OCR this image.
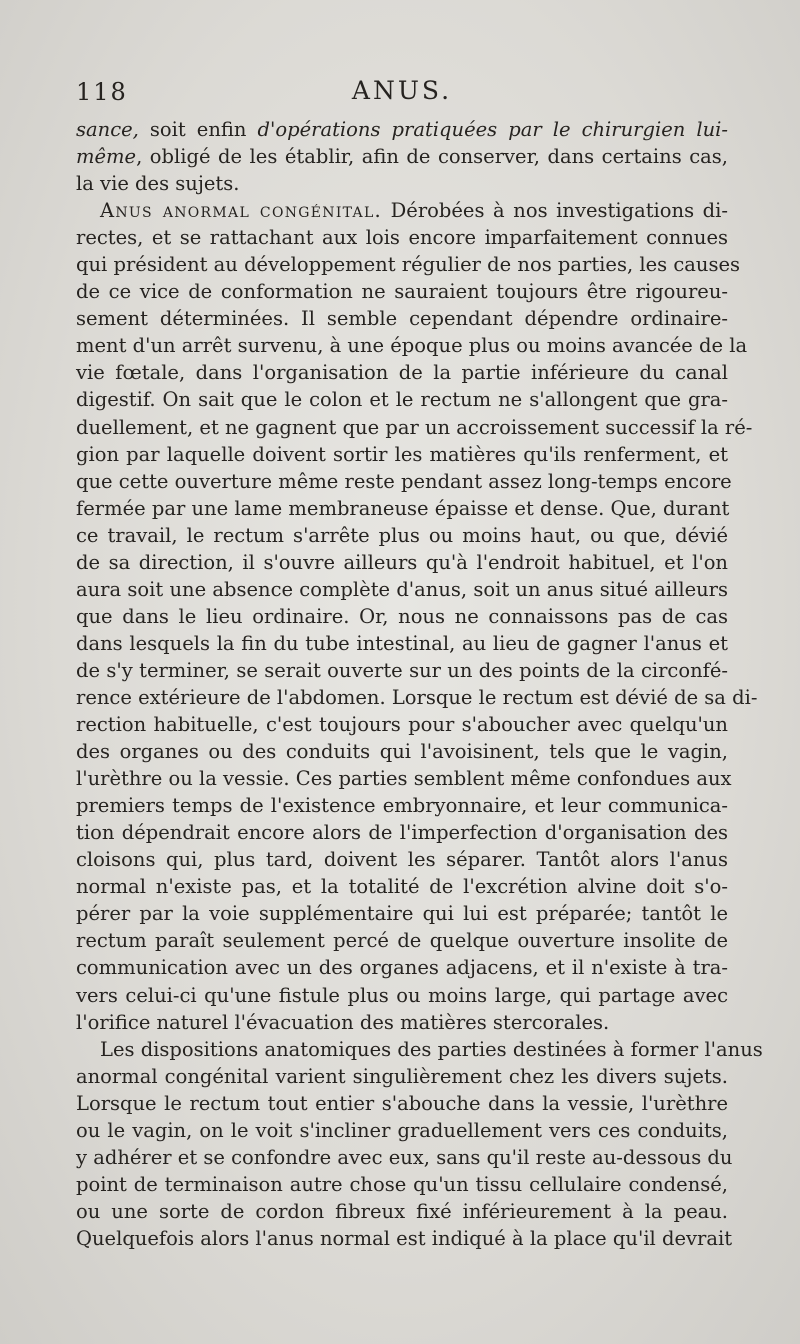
118	ANUS.
sance, soit enfin d'opérations pratiquées par le chirurgien lui-
même, obligé de les établir, afin de conserver, dans certains cas,
la vie des sujets.
Anus anormal congénital. Dérobées à nos investigations di-
rectes, et se rattachant aux lois encore imparfaitement connues
qui président au développement régulier de nos parties, les causes
de ce vice de conformation ne sauraient toujours être rigoureu-
sement déterminées. Il semble cependant dépendre ordinaire-
ment d'un arrêt survenu, à une époque plus ou moins avancée de la
vie fœtale, dans l'organisation de la partie inférieure du canal
digestif. On sait que le colon et le rectum ne s'allongent que gra-
duellement, et ne gagnent que par un accroissement successif la ré-
gion par laquelle doivent sortir les matières qu'ils renferment, et
que cette ouverture même reste pendant assez long-temps encore
fermée par une lame membraneuse épaisse et dense. Que, durant
ce travail, le rectum s'arrête plus ou moins haut, ou que, dévié
de sa direction, il s'ouvre ailleurs qu'à l'endroit habituel, et l'on
aura soit une absence complète d'anus, soit un anus situé ailleurs
que dans le lieu ordinaire. Or, nous ne connaissons pas de cas
dans lesquels la fin du tube intestinal, au lieu de gagner l'anus et
de s'y terminer, se serait ouverte sur un des points de la circonfé-
rence extérieure de l'abdomen. Lorsque le rectum est dévié de sa di-
rection habituelle, c'est toujours pour s'aboucher avec quelqu'un
des organes ou des conduits qui l'avoisinent, tels que le vagin,
l'urèthre ou la vessie. Ces parties semblent même confondues aux
premiers temps de l'existence embryonnaire, et leur communica-
tion dépendrait encore alors de l'imperfection d'organisation des
cloisons qui, plus tard, doivent les séparer. Tantôt alors l'anus
normal n'existe pas, et la totalité de l'excrétion alvine doit s'o-
pérer par la voie supplémentaire qui lui est préparée; tantôt le
rectum paraît seulement percé de quelque ouverture insolite de
communication avec un des organes adjacens, et il n'existe à tra-
vers celui-ci qu'une fistule plus ou moins large, qui partage avec
l'orifice naturel l'évacuation des matières stercorales.
Les dispositions anatomiques des parties destinées à former l'anus
anormal congénital varient singulièrement chez les divers sujets.
Lorsque le rectum tout entier s'abouche dans la vessie, l'urèthre
ou le vagin, on le voit s'incliner graduellement vers ces conduits,
y adhérer et se confondre avec eux, sans qu'il reste au-dessous du
point de terminaison autre chose qu'un tissu cellulaire condensé,
ou une sorte de cordon fibreux fixé inférieurement à la peau.
Quelquefois alors l'anus normal est indiqué à la place qu'il devrait
